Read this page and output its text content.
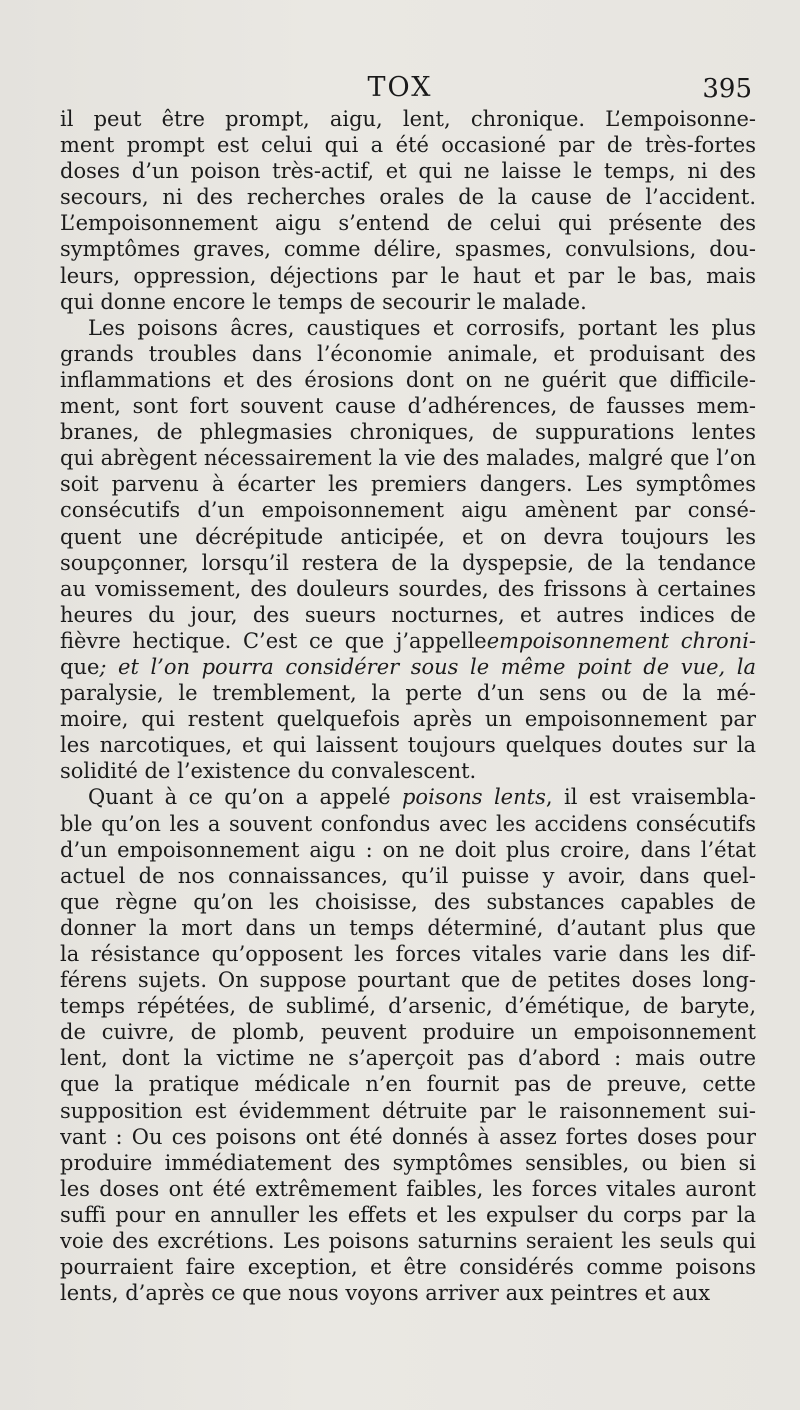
TOX	395
il peut être prompt, aigu, lent, chronique. L’empoisonne-
ment prompt est celui qui a été occasioné par de très-fortes
doses d’un poison très-actif, et qui ne laisse le temps, ni des
secours, ni des recherches orales de la cause de l’accident.
L’empoisonnement aigu s’entend de celui qui présente des
symptômes graves, comme délire, spasmes, convulsions, dou-
leurs, oppression, déjections par le haut et par le bas, mais
qui donne encore le temps de secourir le malade.
Les poisons âcres, caustiques et corrosifs, portant les plus
grands troubles dans l’économie animale, et produisant des
inflammations et des érosions dont on ne guérit que difficile-
ment, sont fort souvent cause d’adhérences, de fausses mem-
branes, de phlegmasies chroniques, de suppurations lentes
qui abrègent nécessairement la vie des malades, malgré que l’on
soit parvenu à écarter les premiers dangers. Les symptômes
consécutifs d’un empoisonnement aigu amènent par consé-
quent une décrépitude anticipée, et on devra toujours les
soupçonner, lorsqu’il restera de la dyspepsie, de la tendance
au vomissement, des douleurs sourdes, des frissons à certaines
heures du jour, des sueurs nocturnes, et autres indices de
fièvre hectique. C’est ce que j’appelleempoisonnement chroni-
que; et l’on pourra considérer sous le même point de vue, la
paralysie, le tremblement, la perte d’un sens ou de la mé-
moire, qui restent quelquefois après un empoisonnement par
les narcotiques, et qui laissent toujours quelques doutes sur la
solidité de l’existence du convalescent.
Quant à ce qu’on a appelé poisons lents, il est vraisembla-
ble qu’on les a souvent confondus avec les accidens consécutifs
d’un empoisonnement aigu : on ne doit plus croire, dans l’état
actuel de nos connaissances, qu’il puisse y avoir, dans quel-
que règne qu’on les choisisse, des substances capables de
donner la mort dans un temps déterminé, d’autant plus que
la résistance qu’opposent les forces vitales varie dans les dif-
férens sujets. On suppose pourtant que de petites doses long-
temps répétées, de sublimé, d’arsenic, d’émétique, de baryte,
de cuivre, de plomb, peuvent produire un empoisonnement
lent, dont la victime ne s’aperçoit pas d’abord : mais outre
que la pratique médicale n’en fournit pas de preuve, cette
supposition est évidemment détruite par le raisonnement sui-
vant : Ou ces poisons ont été donnés à assez fortes doses pour
produire immédiatement des symptômes sensibles, ou bien si
les doses ont été extrêmement faibles, les forces vitales auront
suffi pour en annuller les effets et les expulser du corps par la
voie des excrétions. Les poisons saturnins seraient les seuls qui
pourraient faire exception, et être considérés comme poisons
lents, d’après ce que nous voyons arriver aux peintres et aux
